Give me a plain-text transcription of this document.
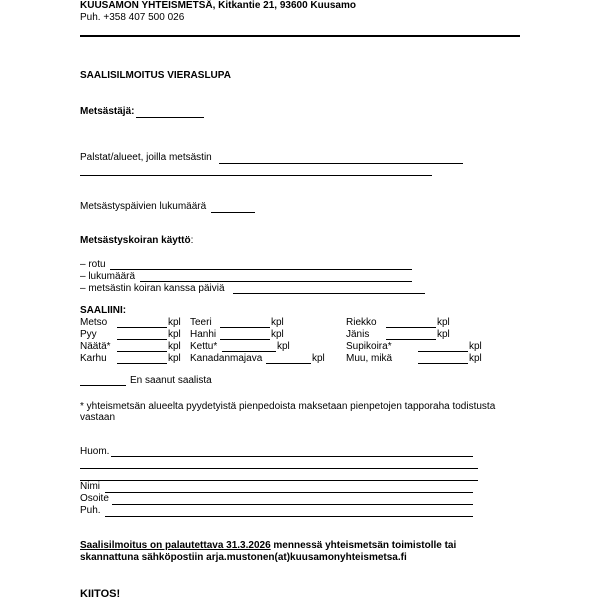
KUUSAMON YHTEISMETSÄ, Kitkantie 21, 93600 Kuusamo
Puh. +358 407 500 026
SAALISILMOITUS VIERASLUPA
Metsästäjä:
Palstat/alueet, joilla metsästin
Metsästyspäivien lukumäärä
Metsästyskoiran käyttö:
– rotu
– lukumäärä
– metsästin koiran kanssa päiviä
SAALIINI:
Metso	kpl Teeri	kpl	Riekko	kpl
Pyy	kpl Hanhi	kpl	Jänis	kpl
Näätä*	kpl Kettu*	kpl	Supikoira*	kpl
Karhu	kpl Kanadanmajava	kpl Muu, mikä	kpl
En saanut saalista
* yhteismetsän alueelta pyydetyistä pienpedoista maksetaan pienpetojen tapporaha todistusta
vastaan
Huom.
Nimi
Osoite
Puh.
Saalisilmoitus on palautettava 31.3.2026 mennessä yhteismetsän toimistolle tai
skannattuna sähköpostiin arja.mustonen(at)kuusamonyhteismetsa.fi
KIITOS!
